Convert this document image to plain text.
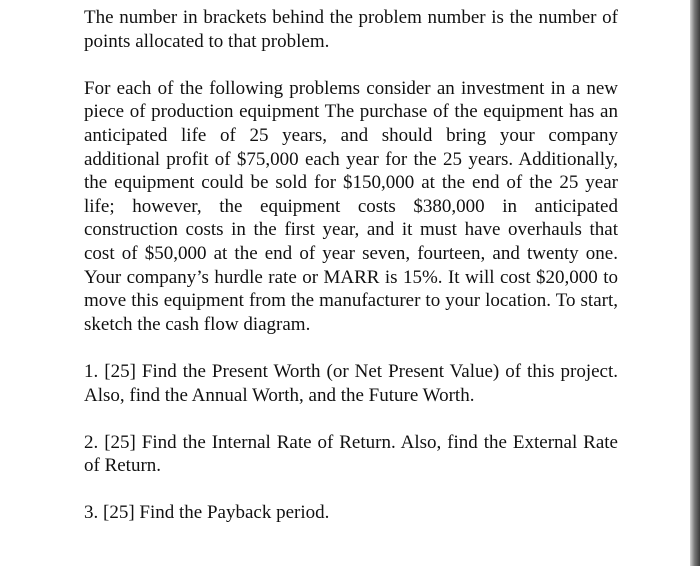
The number in brackets behind the problem number is the number of points allocated to that problem.

For each of the following problems consider an investment in a new piece of production equipment The purchase of the equipment has an anticipated life of 25 years, and should bring your company additional profit of $75,000 each year for the 25 years. Additionally, the equipment could be sold for $150,000 at the end of the 25 year life; however, the equipment costs $380,000 in anticipated construction costs in the first year, and it must have overhauls that cost of $50,000 at the end of year seven, fourteen, and twenty one. Your company’s hurdle rate or MARR is 15%. It will cost $20,000 to move this equipment from the manufacturer to your location. To start, sketch the cash flow diagram.

1. [25] Find the Present Worth (or Net Present Value) of this project. Also, find the Annual Worth, and the Future Worth.

2. [25] Find the Internal Rate of Return. Also, find the External Rate of Return.

3. [25] Find the Payback period.
